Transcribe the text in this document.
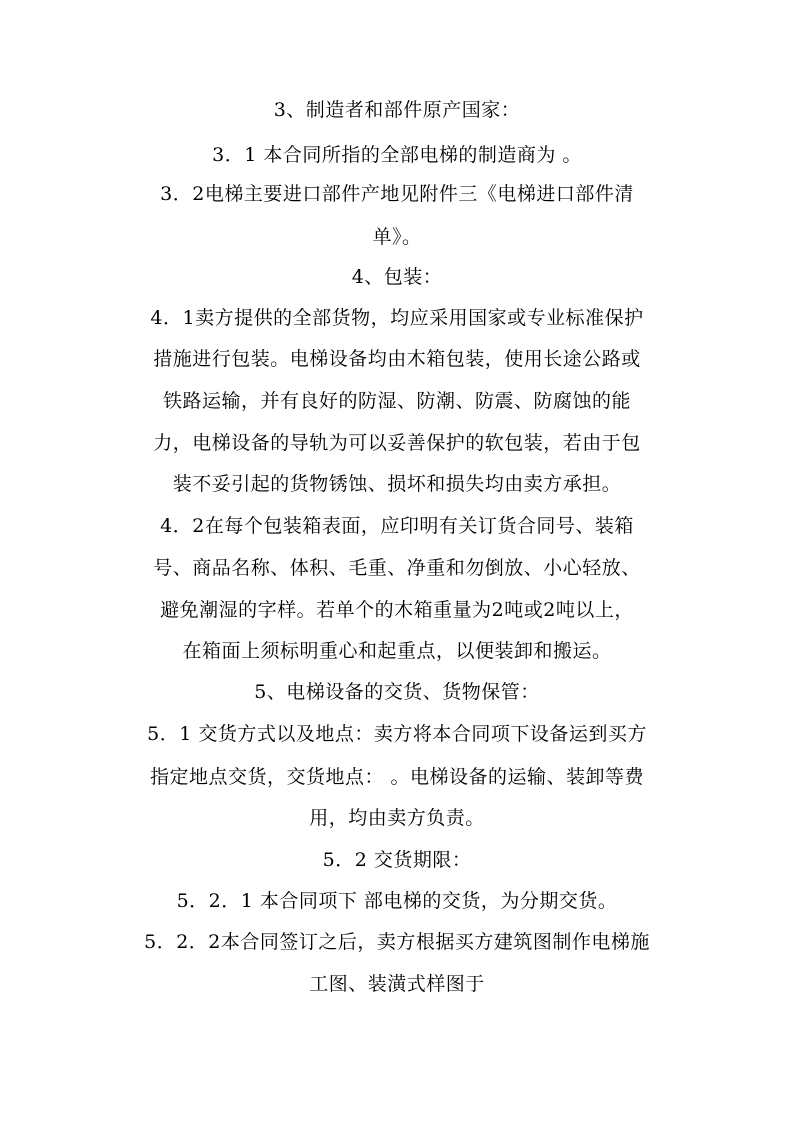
3、制造者和部件原产国家：
3．1 本合同所指的全部电梯的制造商为 。
3．2电梯主要进口部件产地见附件三《电梯进口部件清
单》。
4、包装：
4．1卖方提供的全部货物，均应采用国家或专业标准保护
措施进行包装。电梯设备均由木箱包装，使用长途公路或
铁路运输，并有良好的防湿、防潮、防震、防腐蚀的能
力，电梯设备的导轨为可以妥善保护的软包装，若由于包
装不妥引起的货物锈蚀、损坏和损失均由卖方承担。
4．2在每个包装箱表面，应印明有关订货合同号、装箱
号、商品名称、体积、毛重、净重和勿倒放、小心轻放、
避免潮湿的字样。若单个的木箱重量为2吨或2吨以上，
在箱面上须标明重心和起重点，以便装卸和搬运。
5、电梯设备的交货、货物保管：
5．1 交货方式以及地点：卖方将本合同项下设备运到买方
指定地点交货，交货地点： 。电梯设备的运输、装卸等费
用，均由卖方负责。
5．2 交货期限：
5．2．1 本合同项下 部电梯的交货，为分期交货。
5．2．2本合同签订之后，卖方根据买方建筑图制作电梯施
工图、装潢式样图于
